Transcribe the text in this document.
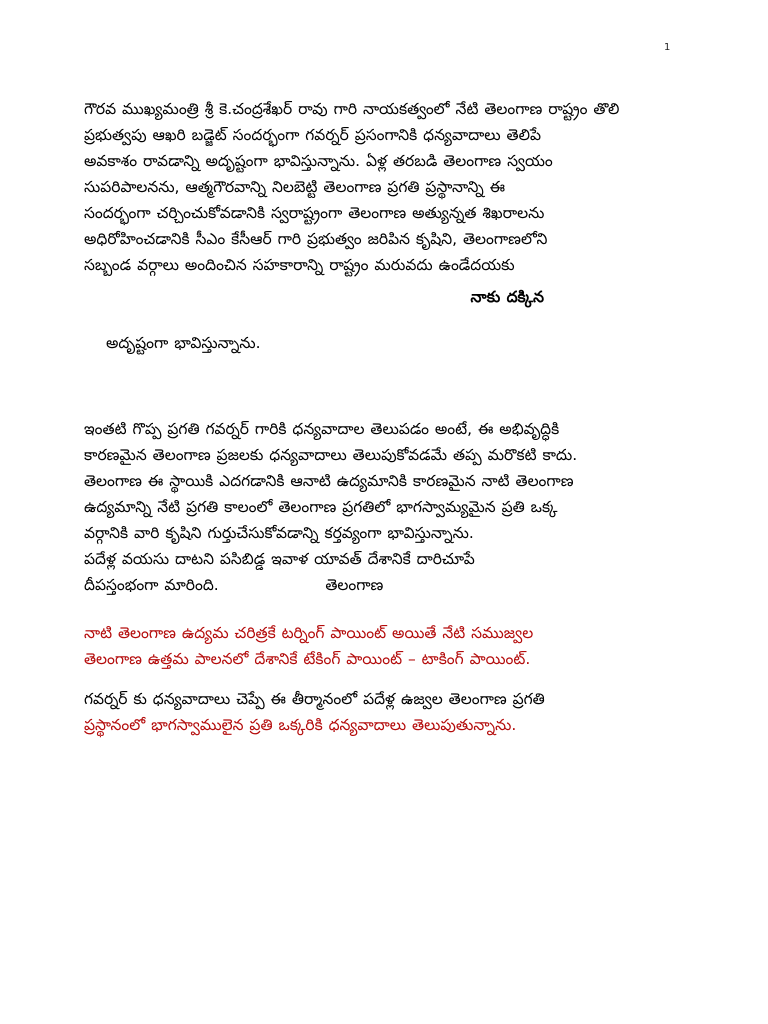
1

గౌరవ ముఖ్యమంత్రి శ్రీ కె.చంద్రశేఖర్ రావు గారి నాయకత్వంలో నేటి తెలంగాణ రాష్ట్రం తొలి
ప్రభుత్వపు ఆఖరి బడ్జెట్ సందర్భంగా గవర్నర్ ప్రసంగానికి ధన్యవాదాలు తెలిపే
అవకాశం రావడాన్ని అదృష్టంగా భావిస్తున్నాను. ఏళ్ల తరబడి తెలంగాణ స్వయం
సుపరిపాలనను, ఆత్మగౌరవాన్ని నిలబెట్టి తెలంగాణ ప్రగతి ప్రస్థానాన్ని ఈ
సందర్భంగా చర్చించుకోవడానికి స్వరాష్ట్రంగా తెలంగాణ అత్యున్నత శిఖరాలను
అధిరోహించడానికి సీఎం కేసీఆర్ గారి ప్రభుత్వం జరిపిన కృషిని, తెలంగాణలోని
సబ్బండ వర్గాలు అందించిన సహకారాన్ని రాష్ట్రం మరువదు ఉండేదయకు
నాకు దక్కిన

అదృష్టంగా భావిస్తున్నాను.

ఇంతటి గొప్ప ప్రగతి గవర్నర్ గారికి ధన్యవాదాల తెలుపడం అంటే, ఈ అభివృద్ధికి
కారణమైన తెలంగాణ ప్రజలకు ధన్యవాదాలు తెలుపుకోవడమే తప్ప మరొకటి కాదు.
తెలంగాణ ఈ స్థాయికి ఎదగడానికి ఆనాటి ఉద్యమానికి కారణమైన నాటి తెలంగాణ
ఉద్యమాన్ని నేటి ప్రగతి కాలంలో తెలంగాణ ప్రగతిలో భాగస్వామ్యమైన ప్రతి ఒక్క
వర్గానికి వారి కృషిని గుర్తుచేసుకోవడాన్ని కర్తవ్యంగా భావిస్తున్నాను.
పదేళ్ల వయసు దాటని పసిబిడ్డ ఇవాళ యావత్ దేశానికే దారిచూపే
దీపస్తంభంగా మారింది.                  తెలంగాణ

నాటి తెలంగాణ ఉద్యమ చరిత్రకే టర్నింగ్ పాయింట్ అయితే నేటి సముజ్వల
తెలంగాణ ఉత్తమ పాలనలో దేశానికే టేకింగ్ పాయింట్ – టాకింగ్ పాయింట్.

గవర్నర్ కు ధన్యవాదాలు చెప్పే ఈ తీర్మానంలో పదేళ్ల ఉజ్వల తెలంగాణ ప్రగతి
ప్రస్థానంలో భాగస్వాములైన ప్రతి ఒక్కరికి ధన్యవాదాలు తెలుపుతున్నాను.
